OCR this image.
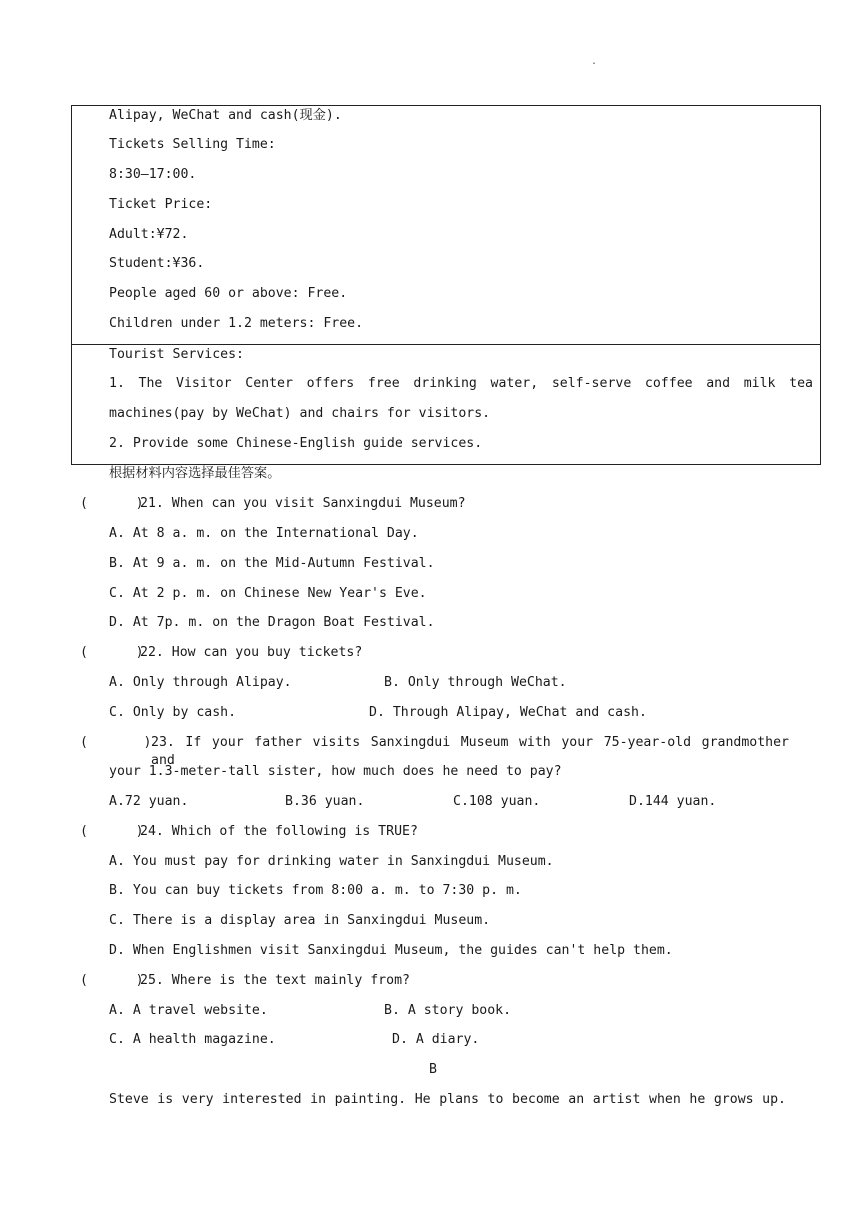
.
Alipay, WeChat and cash(现金).
Tickets Selling Time:
8:30—17:00.
Ticket Price:
Adult:¥72.
Student:¥36.
People aged 60 or above: Free.
Children under 1.2 meters: Free.
Tourist Services:
1. The Visitor Center offers free drinking water, self-serve coffee and milk tea
machines(pay by WeChat) and chairs for visitors.
2. Provide some Chinese-English guide services.
根据材料内容选择最佳答案。
(      )
21. When can you visit Sanxingdui Museum?
A. At 8 a. m. on the International Day.
B. At 9 a. m. on the Mid-Autumn Festival.
C. At 2 p. m. on Chinese New Year's Eve.
D. At 7p. m. on the Dragon Boat Festival.
(      )
22. How can you buy tickets?
A. Only through Alipay.	B. Only through WeChat.
C. Only by cash.	D. Through Alipay, WeChat and cash.
(       ) 23. If your father visits Sanxingdui Museum with your 75-year-old grandmother and
your 1.3-meter-tall sister, how much does he need to pay?
A.72 yuan.	B.36 yuan.	C.108 yuan.	D.144 yuan.
(      )
24. Which of the following is TRUE?
A. You must pay for drinking water in Sanxingdui Museum.
B. You can buy tickets from 8:00 a. m. to 7:30 p. m.
C. There is a display area in Sanxingdui Museum.
D. When Englishmen visit Sanxingdui Museum, the guides can't help them.
(      )
25. Where is the text mainly from?
A. A travel website.	B. A story book.
C. A health magazine.	D. A diary.
B
Steve is very interested in painting. He plans to become an artist when he grows up.
